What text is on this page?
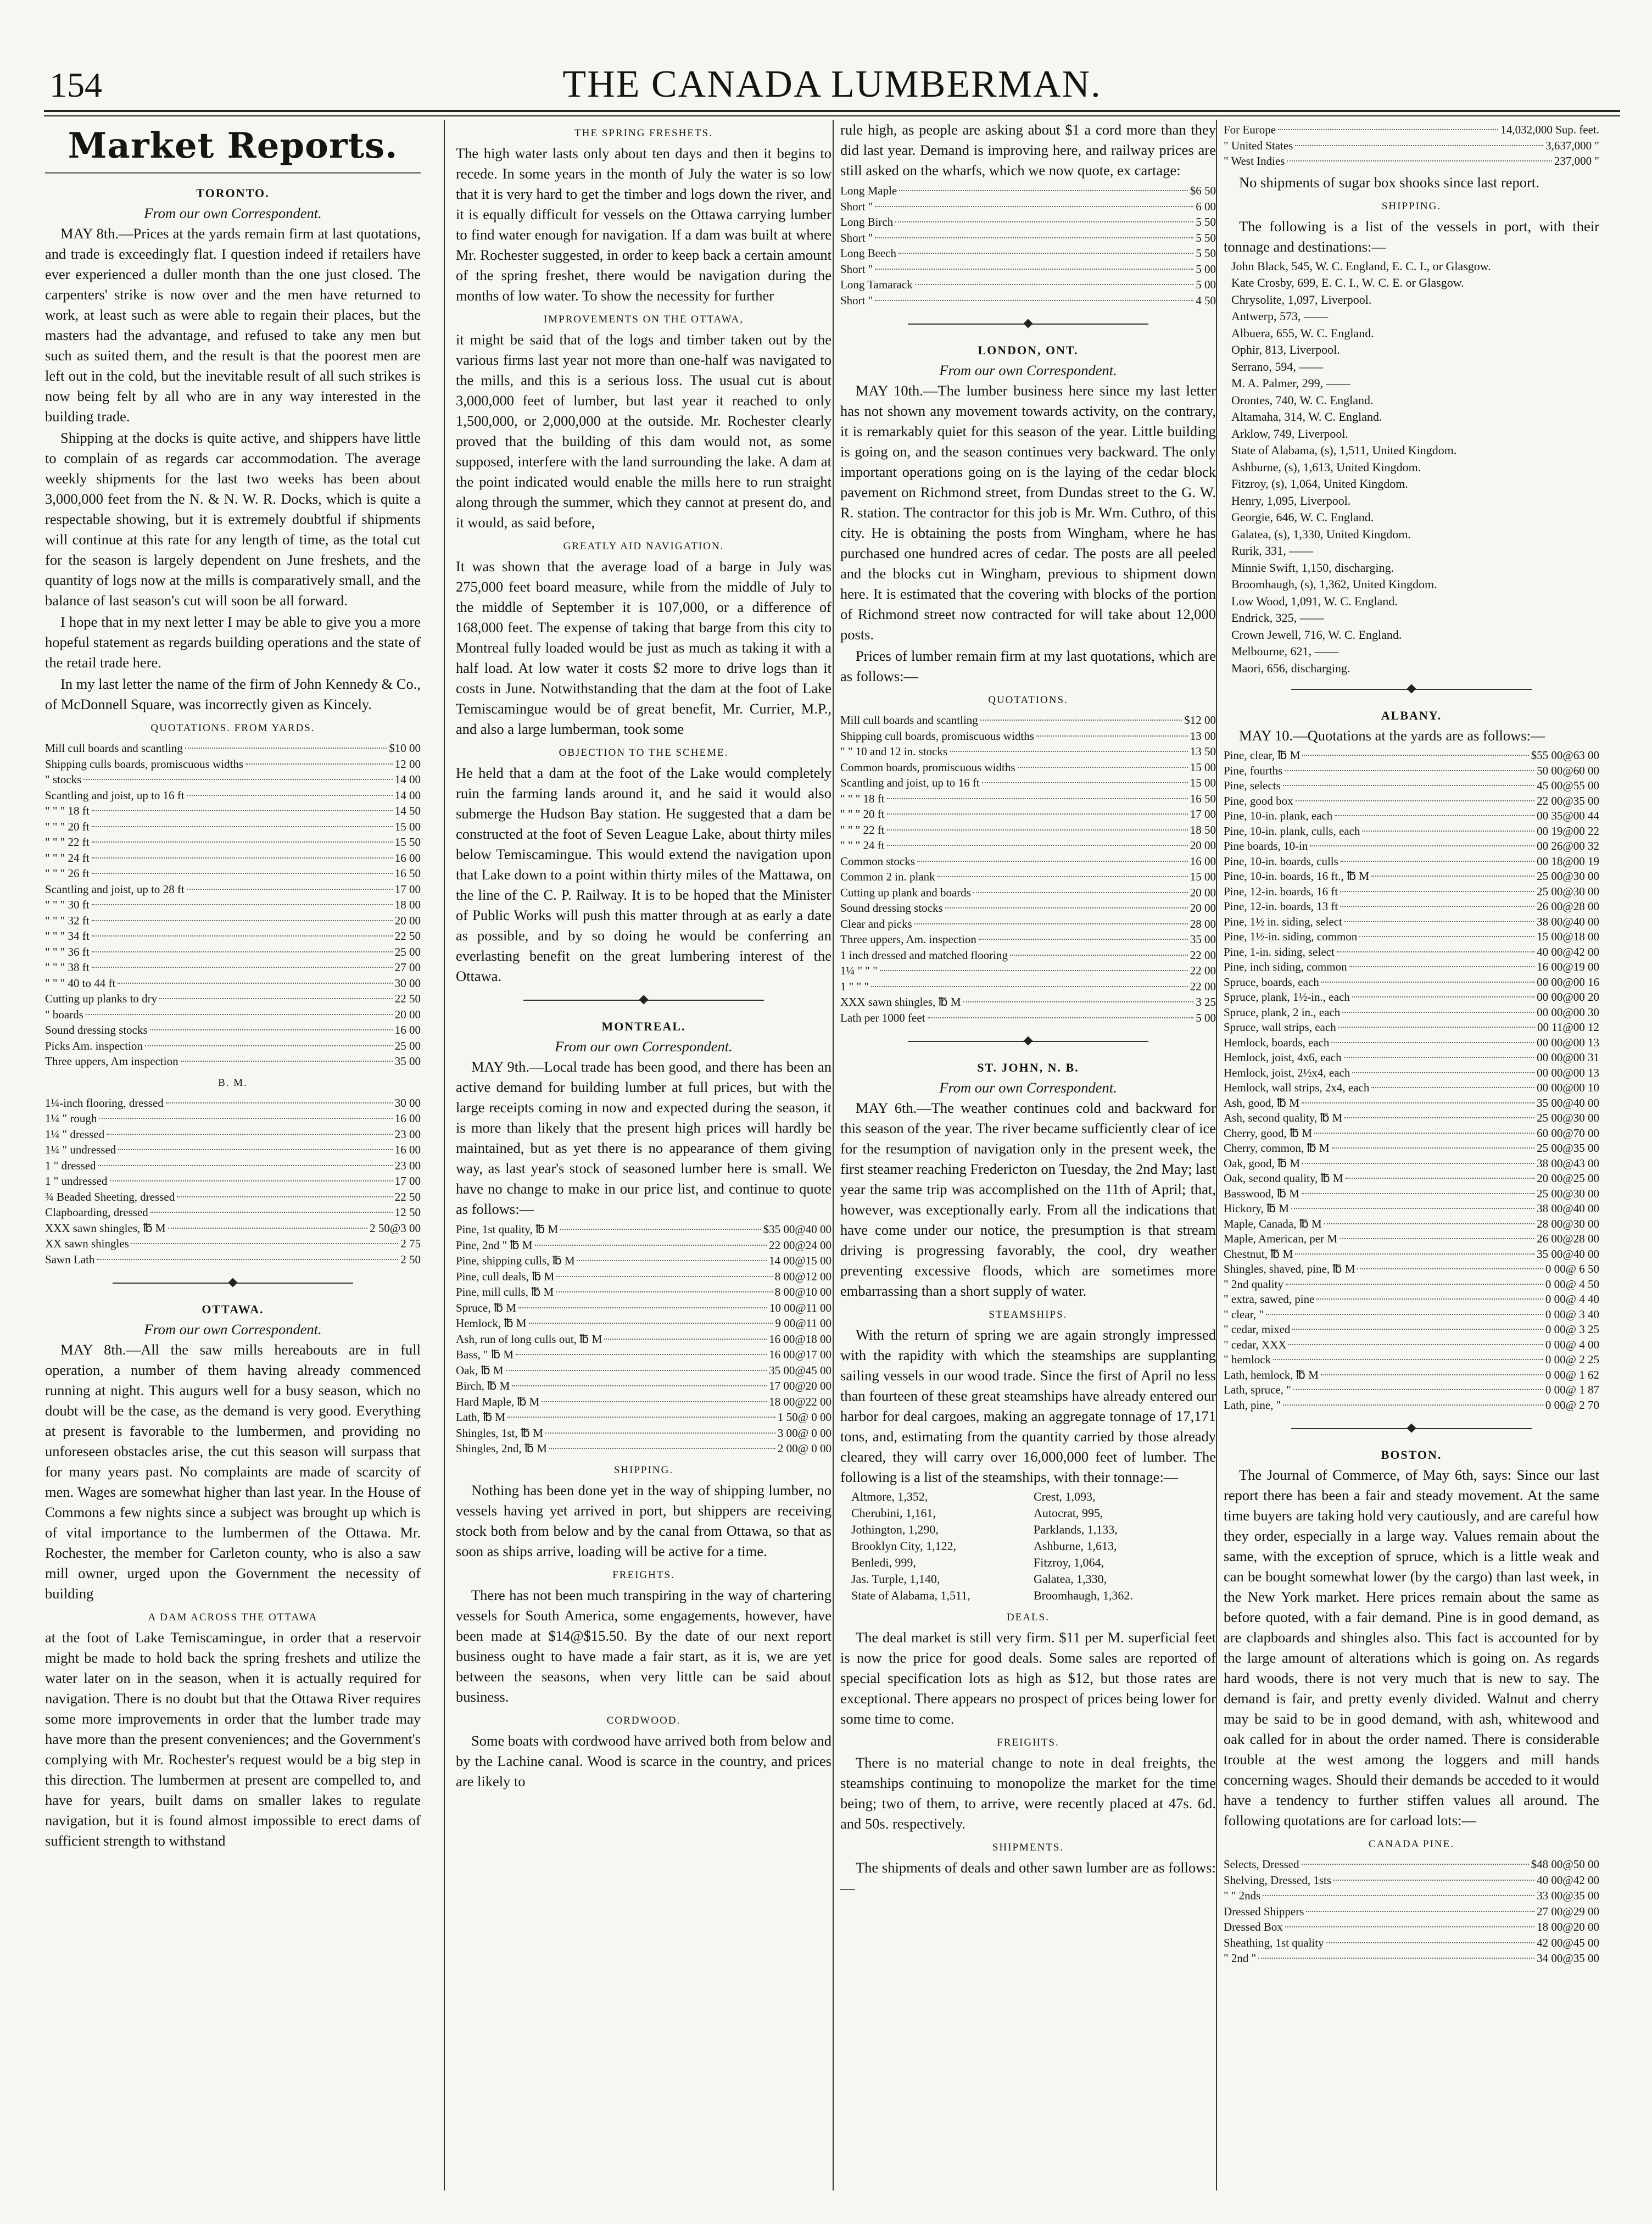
154	THE CANADA LUMBERMAN.
Market Reports.
TORONTO.
From our own Correspondent.

MAY 8th.—Prices at the yards remain firm at last quotations, and trade is exceedingly flat. I question indeed if retailers have ever experienced a duller month than the one just closed. The carpenters' strike is now over and the men have returned to work, at least such as were able to regain their places, but the masters had the advantage, and refused to take any men but such as suited them, and the result is that the poorest men are left out in the cold, but the inevitable result of all such strikes is now being felt by all who are in any way interested in the building trade.

Shipping at the docks is quite active, and shippers have little to complain of as regards car accommodation. The average weekly shipments for the last two weeks has been about 3,000,000 feet from the N. & N. W. R. Docks, which is quite a respectable showing, but it is extremely doubtful if shipments will continue at this rate for any length of time, as the total cut for the season is largely dependent on June freshets, and the quantity of logs now at the mills is comparatively small, and the balance of last season's cut will soon be all forward.

I hope that in my next letter I may be able to give you a more hopeful statement as regards building operations and the state of the retail trade here.

In my last letter the name of the firm of John Kennedy & Co., of McDonnell Square, was incorrectly given as Kincely.

QUOTATIONS. FROM YARDS.
Mill cull boards and scantling	$10 00
Shipping culls boards, promiscuous widths	12 00
" stocks	14 00
Scantling and joist, up to 16 ft	14 00
" " " 18 ft	14 50
" " " 20 ft	15 00
" " " 22 ft	15 50
" " " 24 ft	16 00
" " " 26 ft	16 50
Scantling and joist, up to 28 ft	17 00
" " " 30 ft	18 00
" " " 32 ft	20 00
" " " 34 ft	22 50
" " " 36 ft	25 00
" " " 38 ft	27 00
" " " 40 to 44 ft	30 00
Cutting up planks to dry	22 50
" boards	20 00
Sound dressing stocks	16 00
Picks Am. inspection	25 00
Three uppers, Am inspection	35 00
B. M.
1¼-inch flooring, dressed	30 00
1¼ " rough	16 00
1¼ " dressed	23 00
1¼ " undressed	16 00
1 " dressed	23 00
1 " undressed	17 00
¾ Beaded Sheeting, dressed	22 50
Clapboarding, dressed	12 50
XXX sawn shingles, ℔ M	2 50@3 00
XX sawn shingles	2 75
Sawn Lath	2 50
OTTAWA.
From our own Correspondent.

MAY 8th.—All the saw mills hereabouts are in full operation, a number of them having already commenced running at night. This augurs well for a busy season, which no doubt will be the case, as the demand is very good. Everything at present is favorable to the lumbermen, and providing no unforeseen obstacles arise, the cut this season will surpass that for many years past. No complaints are made of scarcity of men. Wages are somewhat higher than last year. In the House of Commons a few nights since a subject was brought up which is of vital importance to the lumbermen of the Ottawa. Mr. Rochester, the member for Carleton county, who is also a saw mill owner, urged upon the Government the necessity of building

A DAM ACROSS THE OTTAWA

at the foot of Lake Temiscamingue, in order that a reservoir might be made to hold back the spring freshets and utilize the water later on in the season, when it is actually required for navigation. There is no doubt but that the Ottawa River requires some more improvements in order that the lumber trade may have more than the present conveniences; and the Government's complying with Mr. Rochester's request would be a big step in this direction. The lumbermen at present are compelled to, and have for years, built dams on smaller lakes to regulate navigation, but it is found almost impossible to erect dams of sufficient strength to withstand

THE SPRING FRESHETS.

The high water lasts only about ten days and then it begins to recede. In some years in the month of July the water is so low that it is very hard to get the timber and logs down the river, and it is equally difficult for vessels on the Ottawa carrying lumber to find water enough for navigation. If a dam was built at where Mr. Rochester suggested, in order to keep back a certain amount of the spring freshet, there would be navigation during the months of low water. To show the necessity for further

IMPROVEMENTS ON THE OTTAWA,

it might be said that of the logs and timber taken out by the various firms last year not more than one-half was navigated to the mills, and this is a serious loss. The usual cut is about 3,000,000 feet of lumber, but last year it reached to only 1,500,000, or 2,000,000 at the outside. Mr. Rochester clearly proved that the building of this dam would not, as some supposed, interfere with the land surrounding the lake. A dam at the point indicated would enable the mills here to run straight along through the summer, which they cannot at present do, and it would, as said before,

GREATLY AID NAVIGATION.

It was shown that the average load of a barge in July was 275,000 feet board measure, while from the middle of July to the middle of September it is 107,000, or a difference of 168,000 feet. The expense of taking that barge from this city to Montreal fully loaded would be just as much as taking it with a half load. At low water it costs $2 more to drive logs than it costs in June. Notwithstanding that the dam at the foot of Lake Temiscamingue would be of great benefit, Mr. Currier, M.P., and also a large lumberman, took some

OBJECTION TO THE SCHEME.

He held that a dam at the foot of the Lake would completely ruin the farming lands around it, and he said it would also submerge the Hudson Bay station. He suggested that a dam be constructed at the foot of Seven League Lake, about thirty miles below Temiscamingue. This would extend the navigation upon that Lake down to a point within thirty miles of the Mattawa, on the line of the C. P. Railway. It is to be hoped that the Minister of Public Works will push this matter through at as early a date as possible, and by so doing he would be conferring an everlasting benefit on the great lumbering interest of the Ottawa.

MONTREAL.
From our own Correspondent.

MAY 9th.—Local trade has been good, and there has been an active demand for building lumber at full prices, but with the large receipts coming in now and expected during the season, it is more than likely that the present high prices will hardly be maintained, but as yet there is no appearance of them giving way, as last year's stock of seasoned lumber here is small. We have no change to make in our price list, and continue to quote as follows:—

Pine, 1st quality, ℔ M	$35 00@40 00
Pine, 2nd " ℔ M	22 00@24 00
Pine, shipping culls, ℔ M	14 00@15 00
Pine, cull deals, ℔ M	8 00@12 00
Pine, mill culls, ℔ M	8 00@10 00
Spruce, ℔ M	10 00@11 00
Hemlock, ℔ M	9 00@11 00
Ash, run of long culls out, ℔ M	16 00@18 00
Bass, " ℔ M	16 00@17 00
Oak, ℔ M	35 00@45 00
Birch, ℔ M	17 00@20 00
Hard Maple, ℔ M	18 00@22 00
Lath, ℔ M	1 50@ 0 00
Shingles, 1st, ℔ M	3 00@ 0 00
Shingles, 2nd, ℔ M	2 00@ 0 00
SHIPPING.

Nothing has been done yet in the way of shipping lumber, no vessels having yet arrived in port, but shippers are receiving stock both from below and by the canal from Ottawa, so that as soon as ships arrive, loading will be active for a time.

FREIGHTS.

There has not been much transpiring in the way of chartering vessels for South America, some engagements, however, have been made at $14@$15.50. By the date of our next report business ought to have made a fair start, as it is, we are yet between the seasons, when very little can be said about business.

CORDWOOD.

Some boats with cordwood have arrived both from below and by the Lachine canal. Wood is scarce in the country, and prices are likely to

rule high, as people are asking about $1 a cord more than they did last year. Demand is improving here, and railway prices are still asked on the wharfs, which we now quote, ex cartage:

Long Maple	$6 50
Short "	6 00
Long Birch	5 50
Short "	5 50
Long Beech	5 50
Short "	5 00
Long Tamarack	5 00
Short "	4 50
LONDON, ONT.
From our own Correspondent.

MAY 10th.—The lumber business here since my last letter has not shown any movement towards activity, on the contrary, it is remarkably quiet for this season of the year. Little building is going on, and the season continues very backward. The only important operations going on is the laying of the cedar block pavement on Richmond street, from Dundas street to the G. W. R. station. The contractor for this job is Mr. Wm. Cuthro, of this city. He is obtaining the posts from Wingham, where he has purchased one hundred acres of cedar. The posts are all peeled and the blocks cut in Wingham, previous to shipment down here. It is estimated that the covering with blocks of the portion of Richmond street now contracted for will take about 12,000 posts.

Prices of lumber remain firm at my last quotations, which are as follows:—

QUOTATIONS.
Mill cull boards and scantling	$12 00
Shipping cull boards, promiscuous widths	13 00
" " 10 and 12 in. stocks	13 50
Common boards, promiscuous widths	15 00
Scantling and joist, up to 16 ft	15 00
" " " 18 ft	16 50
" " " 20 ft	17 00
" " " 22 ft	18 50
" " " 24 ft	20 00
Common stocks	16 00
Common 2 in. plank	15 00
Cutting up plank and boards	20 00
Sound dressing stocks	20 00
Clear and picks	28 00
Three uppers, Am. inspection	35 00
1 inch dressed and matched flooring	22 00
1¼ " " "	22 00
1 " " "	22 00
XXX sawn shingles, ℔ M	3 25
Lath per 1000 feet	5 00
ST. JOHN, N. B.
From our own Correspondent.

MAY 6th.—The weather continues cold and backward for this season of the year. The river became sufficiently clear of ice for the resumption of navigation only in the present week, the first steamer reaching Fredericton on Tuesday, the 2nd May; last year the same trip was accomplished on the 11th of April; that, however, was exceptionally early. From all the indications that have come under our notice, the presumption is that stream driving is progressing favorably, the cool, dry weather preventing excessive floods, which are sometimes more embarrassing than a short supply of water.

STEAMSHIPS.

With the return of spring we are again strongly impressed with the rapidity with which the steamships are supplanting sailing vessels in our wood trade. Since the first of April no less than fourteen of these great steamships have already entered our harbor for deal cargoes, making an aggregate tonnage of 17,171 tons, and, estimating from the quantity carried by those already cleared, they will carry over 16,000,000 feet of lumber. The following is a list of the steamships, with their tonnage:—

Altmore, 1,352,	Crest, 1,093,
Cherubini, 1,161,	Autocrat, 995,
Jothington, 1,290,	Parklands, 1,133,
Brooklyn City, 1,122,	Ashburne, 1,613,
Benledi, 999,	Fitzroy, 1,064,
Jas. Turple, 1,140,	Galatea, 1,330,
State of Alabama, 1,511,	Broomhaugh, 1,362.
DEALS.

The deal market is still very firm. $11 per M. superficial feet is now the price for good deals. Some sales are reported of special specification lots as high as $12, but those rates are exceptional. There appears no prospect of prices being lower for some time to come.

FREIGHTS.

There is no material change to note in deal freights, the steamships continuing to monopolize the market for the time being; two of them, to arrive, were recently placed at 47s. 6d. and 50s. respectively.

SHIPMENTS.

The shipments of deals and other sawn lumber are as follows:—

For Europe	14,032,000 Sup. feet.
" United States	3,637,000 "
" West Indies	237,000 "

No shipments of sugar box shooks since last report.

SHIPPING.

The following is a list of the vessels in port, with their tonnage and destinations:—

John Black, 545, W. C. England, E. C. I., or Glasgow.
Kate Crosby, 699, E. C. I., W. C. E. or Glasgow.
Chrysolite, 1,097, Liverpool.
Antwerp, 573, ——
Albuera, 655, W. C. England.
Ophir, 813, Liverpool.
Serrano, 594, ——
M. A. Palmer, 299, ——
Orontes, 740, W. C. England.
Altamaha, 314, W. C. England.
Arklow, 749, Liverpool.
State of Alabama, (s), 1,511, United Kingdom.
Ashburne, (s), 1,613, United Kingdom.
Fitzroy, (s), 1,064, United Kingdom.
Henry, 1,095, Liverpool.
Georgie, 646, W. C. England.
Galatea, (s), 1,330, United Kingdom.
Rurik, 331, ——
Minnie Swift, 1,150, discharging.
Broomhaugh, (s), 1,362, United Kingdom.
Low Wood, 1,091, W. C. England.
Endrick, 325, ——
Crown Jewell, 716, W. C. England.
Melbourne, 621, ——
Maori, 656, discharging.
ALBANY.

MAY 10.—Quotations at the yards are as follows:—

Pine, clear, ℔ M	$55 00@63 00
Pine, fourths	50 00@60 00
Pine, selects	45 00@55 00
Pine, good box	22 00@35 00
Pine, 10-in. plank, each	00 35@00 44
Pine, 10-in. plank, culls, each	00 19@00 22
Pine boards, 10-in	00 26@00 32
Pine, 10-in. boards, culls	00 18@00 19
Pine, 10-in. boards, 16 ft., ℔ M	25 00@30 00
Pine, 12-in. boards, 16 ft	25 00@30 00
Pine, 12-in. boards, 13 ft	26 00@28 00
Pine, 1½ in. siding, select	38 00@40 00
Pine, 1½-in. siding, common	15 00@18 00
Pine, 1-in. siding, select	40 00@42 00
Pine, inch siding, common	16 00@19 00
Spruce, boards, each	00 00@00 16
Spruce, plank, 1½-in., each	00 00@00 20
Spruce, plank, 2 in., each	00 00@00 30
Spruce, wall strips, each	00 11@00 12
Hemlock, boards, each	00 00@00 13
Hemlock, joist, 4x6, each	00 00@00 31
Hemlock, joist, 2½x4, each	00 00@00 13
Hemlock, wall strips, 2x4, each	00 00@00 10
Ash, good, ℔ M	35 00@40 00
Ash, second quality, ℔ M	25 00@30 00
Cherry, good, ℔ M	60 00@70 00
Cherry, common, ℔ M	25 00@35 00
Oak, good, ℔ M	38 00@43 00
Oak, second quality, ℔ M	20 00@25 00
Basswood, ℔ M	25 00@30 00
Hickory, ℔ M	38 00@40 00
Maple, Canada, ℔ M	28 00@30 00
Maple, American, per M	26 00@28 00
Chestnut, ℔ M	35 00@40 00
Shingles, shaved, pine, ℔ M	0 00@ 6 50
" 2nd quality	0 00@ 4 50
" extra, sawed, pine	0 00@ 4 40
" clear, "	0 00@ 3 40
" cedar, mixed	0 00@ 3 25
" cedar, XXX	0 00@ 4 00
" hemlock	0 00@ 2 25
Lath, hemlock, ℔ M	0 00@ 1 62
Lath, spruce, "	0 00@ 1 87
Lath, pine, "	0 00@ 2 70
BOSTON.

The Journal of Commerce, of May 6th, says: Since our last report there has been a fair and steady movement. At the same time buyers are taking hold very cautiously, and are careful how they order, especially in a large way. Values remain about the same, with the exception of spruce, which is a little weak and can be bought somewhat lower (by the cargo) than last week, in the New York market. Here prices remain about the same as before quoted, with a fair demand. Pine is in good demand, as are clapboards and shingles also. This fact is accounted for by the large amount of alterations which is going on. As regards hard woods, there is not very much that is new to say. The demand is fair, and pretty evenly divided. Walnut and cherry may be said to be in good demand, with ash, whitewood and oak called for in about the order named. There is considerable trouble at the west among the loggers and mill hands concerning wages. Should their demands be acceded to it would have a tendency to further stiffen values all around. The following quotations are for carload lots:—

CANADA PINE.
Selects, Dressed	$48 00@50 00
Shelving, Dressed, 1sts	40 00@42 00
" " 2nds	33 00@35 00
Dressed Shippers	27 00@29 00
Dressed Box	18 00@20 00
Sheathing, 1st quality	42 00@45 00
" 2nd "	34 00@35 00
